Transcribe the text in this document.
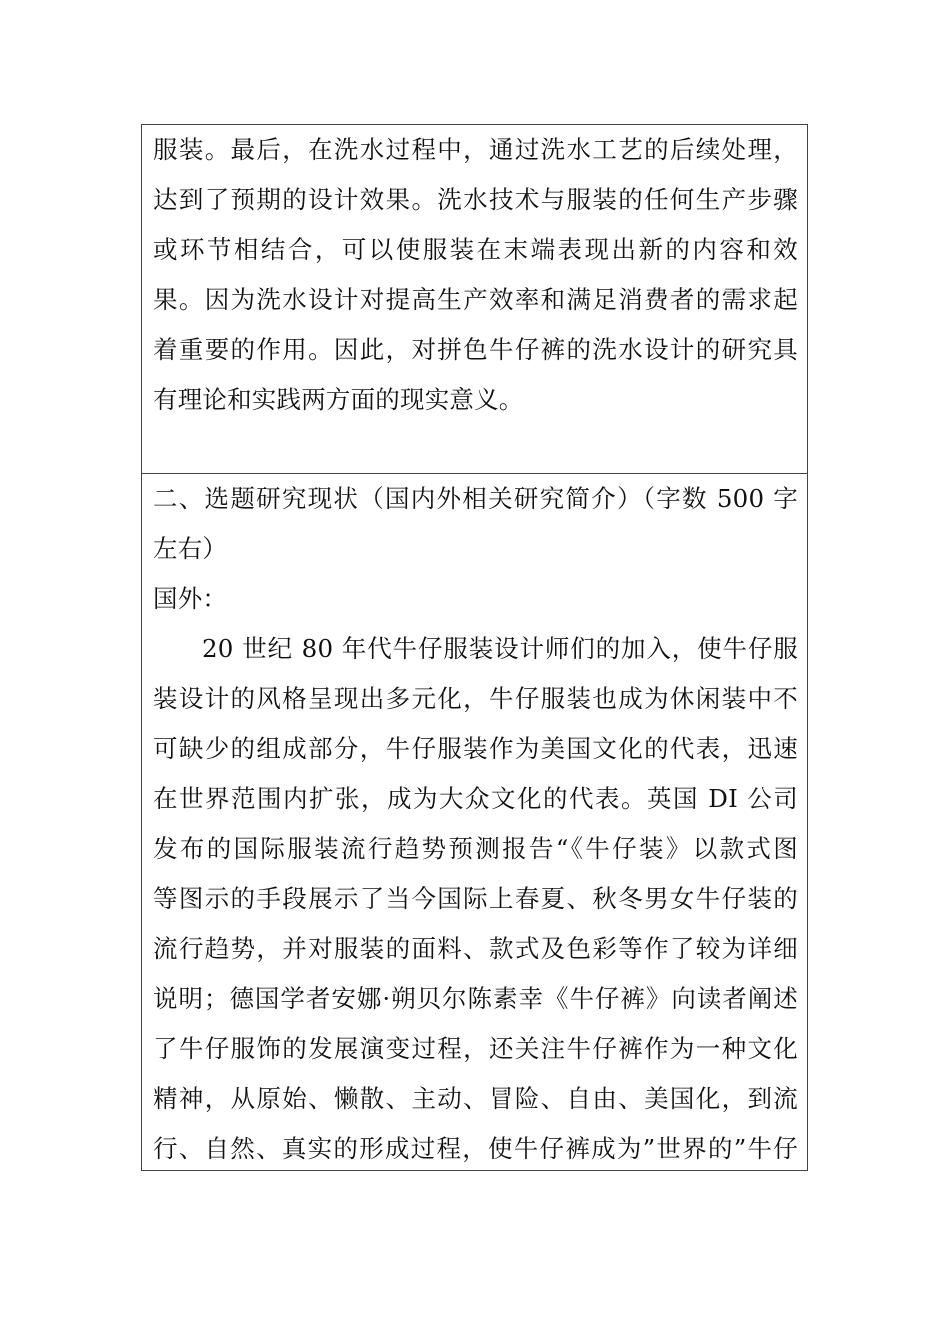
服装。最后，在洗水过程中，通过洗水工艺的后续处理，
达到了预期的设计效果。洗水技术与服装的任何生产步骤
或环节相结合，可以使服装在末端表现出新的内容和效
果。因为洗水设计对提高生产效率和满足消费者的需求起
着重要的作用。因此，对拼色牛仔裤的洗水设计的研究具
有理论和实践两方面的现实意义。
二、选题研究现状（国内外相关研究简介）（字数 500 字
左右）
国外：
20 世纪 80 年代牛仔服装设计师们的加入，使牛仔服
装设计的风格呈现出多元化，牛仔服装也成为休闲装中不
可缺少的组成部分，牛仔服装作为美国文化的代表，迅速
在世界范围内扩张，成为大众文化的代表。英国 DI 公司
发布的国际服装流行趋势预测报告“《牛仔装》以款式图
等图示的手段展示了当今国际上春夏、秋冬男女牛仔装的
流行趋势，并对服装的面料、款式及色彩等作了较为详细
说明；德国学者安娜·朔贝尔陈素幸《牛仔裤》向读者阐述
了牛仔服饰的发展演变过程，还关注牛仔裤作为一种文化
精神，从原始、懒散、主动、冒险、自由、美国化，到流
行、自然、真实的形成过程，使牛仔裤成为”世界的”牛仔
